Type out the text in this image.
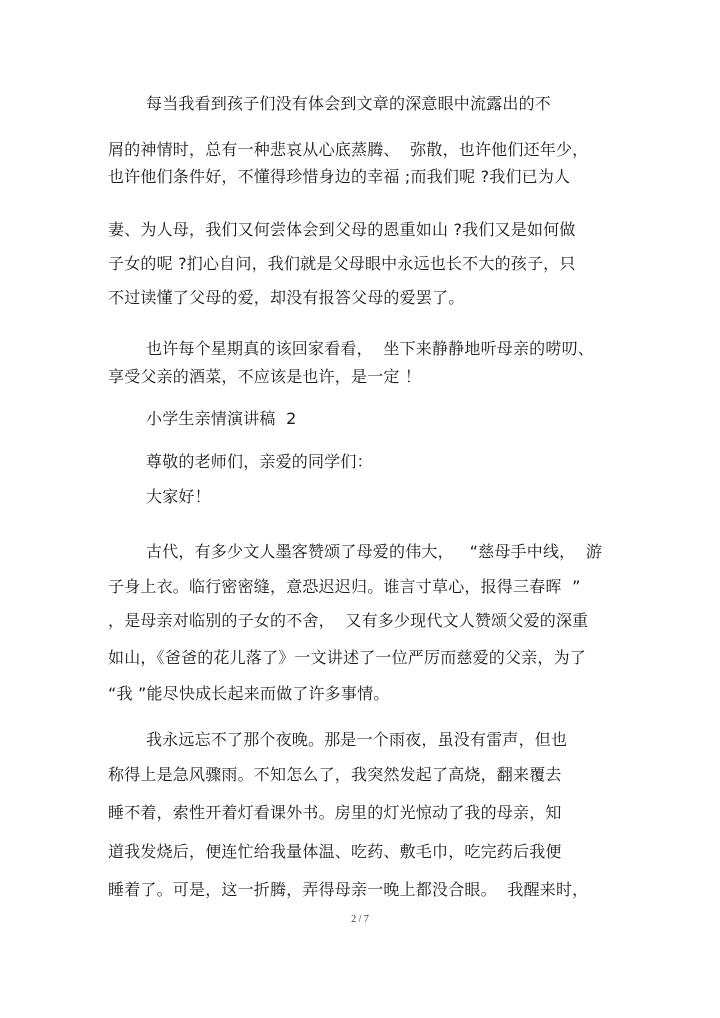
每当我看到孩子们没有体会到文章的深意眼中流露出的不

屑的神情时，总有一种悲哀从心底蒸腾、  弥散，也许他们还年少，

也许他们条件好，不懂得珍惜身边的幸福 ;而我们呢 ?我们已为人

妻、为人母，我们又何尝体会到父母的恩重如山 ?我们又是如何做

子女的呢 ?扪心自问，我们就是父母眼中永远也长不大的孩子，只

不过读懂了父母的爱，却没有报答父母的爱罢了。

也许每个星期真的该回家看看，  坐下来静静地听母亲的唠叨、

享受父亲的酒菜，不应该是也许，是一定 ！

小学生亲情演讲稿  2

尊敬的老师们，亲爱的同学们：

大家好！

古代，有多少文人墨客赞颂了母爱的伟大，   “慈母手中线，  游

子身上衣。临行密密缝，意恐迟迟归。谁言寸草心，报得三春晖  ”

，是母亲对临别的子女的不舍，  又有多少现代文人赞颂父爱的深重

如山，《爸爸的花儿落了》一文讲述了一位严厉而慈爱的父亲，为了

“我 ”能尽快成长起来而做了许多事情。

我永远忘不了那个夜晚。那是一个雨夜，虽没有雷声，但也

称得上是急风骤雨。不知怎么了，我突然发起了高烧，翻来覆去

睡不着，索性开着灯看课外书。房里的灯光惊动了我的母亲，知

道我发烧后，便连忙给我量体温、吃药、敷毛巾，吃完药后我便

睡着了。可是，这一折腾，弄得母亲一晚上都没合眼。  我醒来时，

2 / 7
